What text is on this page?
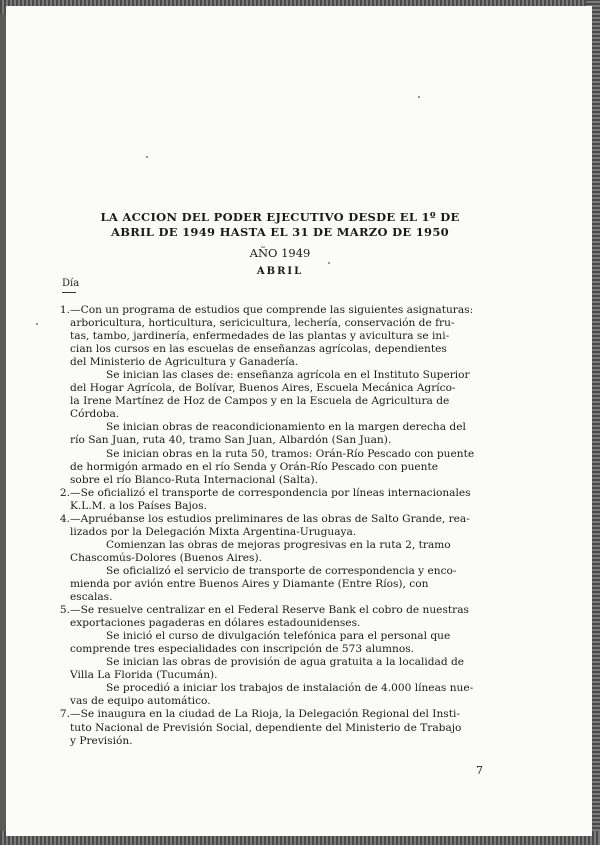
LA ACCION DEL PODER EJECUTIVO DESDE EL 1º DE
ABRIL DE 1949 HASTA EL 31 DE MARZO DE 1950
AÑO 1949
ABRIL
Día
1.—Con un programa de estudios que comprende las siguientes asignaturas:
arboricultura, horticultura, sericicultura, lechería, conservación de fru-
tas, tambo, jardinería, enfermedades de las plantas y avicultura se ini-
cian los cursos en las escuelas de enseñanzas agrícolas, dependientes
del Ministerio de Agricultura y Ganadería.
Se inician las clases de: enseñanza agrícola en el Instituto Superior
del Hogar Agrícola, de Bolívar, Buenos Aires, Escuela Mecánica Agríco-
la Irene Martínez de Hoz de Campos y en la Escuela de Agricultura de
Córdoba.
Se inician obras de reacondicionamiento en la margen derecha del
río San Juan, ruta 40, tramo San Juan, Albardón (San Juan).
Se inician obras en la ruta 50, tramos: Orán-Río Pescado con puente
de hormigón armado en el río Senda y Orán-Río Pescado con puente
sobre el río Blanco-Ruta Internacional (Salta).
2.—Se oficializó el transporte de correspondencia por líneas internacionales
K.L.M. a los Países Bajos.
4.—Apruébanse los estudios preliminares de las obras de Salto Grande, rea-
lizados por la Delegación Mixta Argentina-Uruguaya.
Comienzan las obras de mejoras progresivas en la ruta 2, tramo
Chascomús-Dolores (Buenos Aires).
Se oficializó el servicio de transporte de correspondencia y enco-
mienda por avión entre Buenos Aires y Diamante (Entre Ríos), con
escalas.
5.—Se resuelve centralizar en el Federal Reserve Bank el cobro de nuestras
exportaciones pagaderas en dólares estadounidenses.
Se inició el curso de divulgación telefónica para el personal que
comprende tres especialidades con inscripción de 573 alumnos.
Se inician las obras de provisión de agua gratuita a la localidad de
Villa La Florida (Tucumán).
Se procedió a iniciar los trabajos de instalación de 4.000 líneas nue-
vas de equipo automático.
7.—Se inaugura en la ciudad de La Rioja, la Delegación Regional del Insti-
tuto Nacional de Previsión Social, dependiente del Ministerio de Trabajo
y Previsión.
7
